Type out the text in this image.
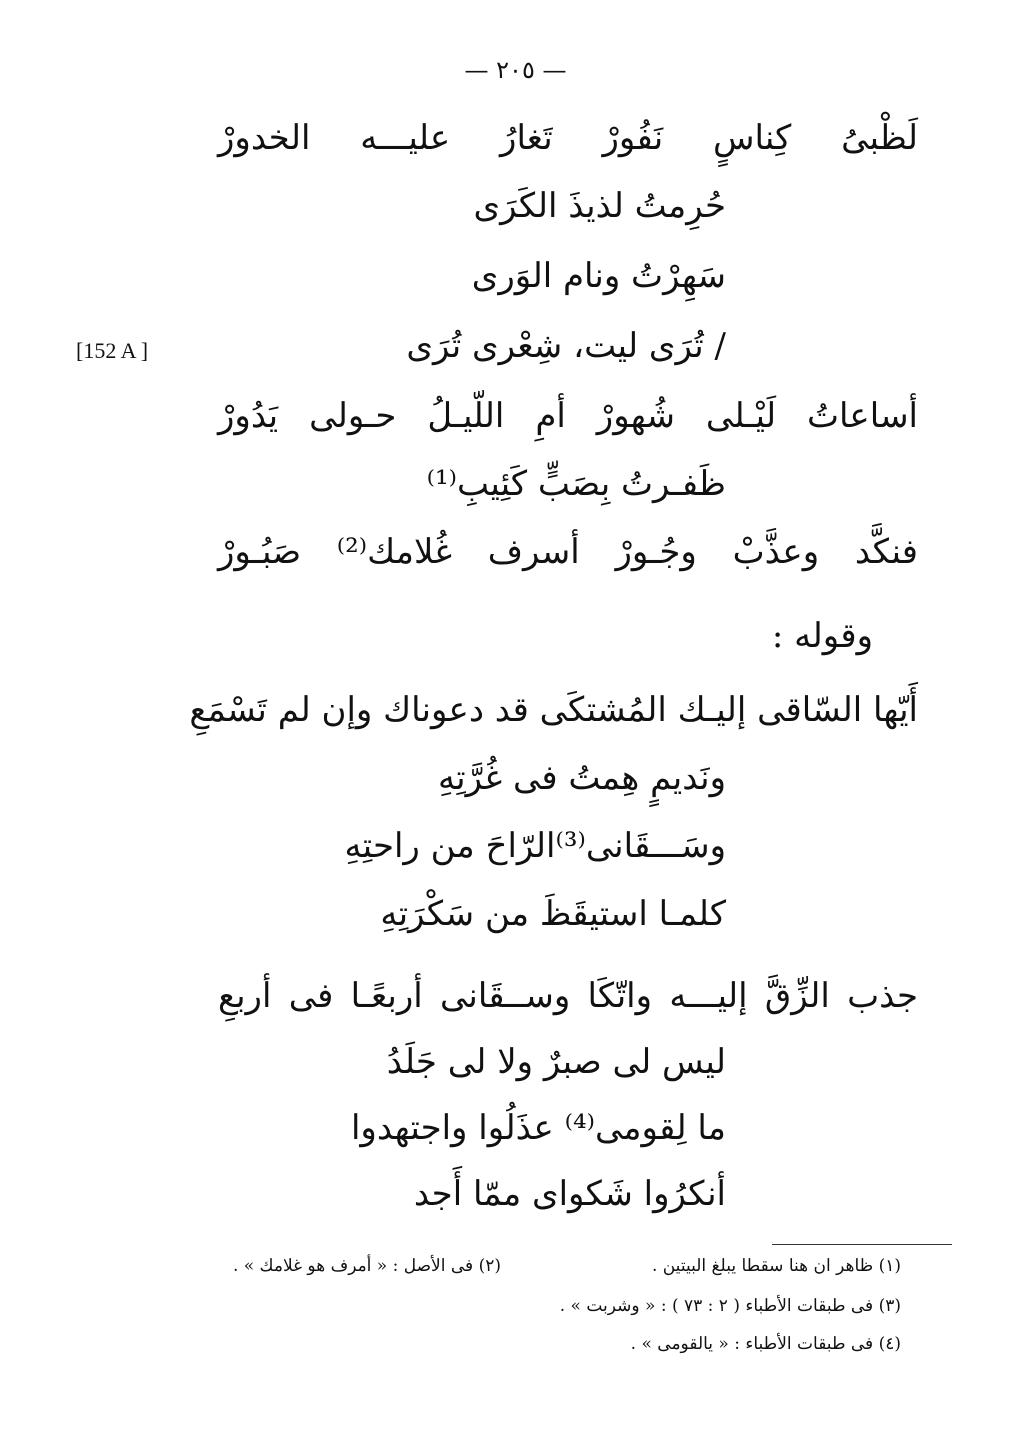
— ٢٠٥ —
[152 A ]
لَظْبىُ كِناسٍ نَفُورْ تَغارُ عليـــه الخدورْ
حُرِمتُ لذيذَ الكَرَى
سَهِرْتُ ونام الوَرى
/ تُرَى ليت، شِعْرى تُرَى
أساعاتُ لَيْـلى شُهورْ أمِ اللّيـلُ حـولى يَدُورْ
ظَفـرتُ بِصَبٍّ كَئِيبِ⁽¹⁾
فنكَّد وعذَّبْ وجُـورْ أسرف غُلامك⁽²⁾ صَبُـورْ
وقوله :
أَيّها السّاقى إليـك المُشتكَى قد دعوناك وإن لم تَسْمَعِ
ونَديمٍ هِمتُ فى غُرَّتِهِ
وسَـــقَانى⁽³⁾الرّاحَ من راحتِهِ
كلمـا استيقَظَ من سَكْرَتِهِ
جذب الزِّقَّ إليـــه واتّكَا وســقَانى أربعًـا فى أربعِ
ليس لى صبرٌ ولا لى جَلَدُ
ما لِقومى⁽⁴⁾ عذَلُوا واجتهدوا
أنكرُوا شَكواى ممّا أَجد
(١) ظاهر ان هنا سقطا يبلغ البيتين .
(٢) فى الأصل : « أمرف هو غلامك » .
(٣) فى طبقات الأطباء ( ٢ : ٧٣ ) : « وشربت » .
(٤) فى طبقات الأطباء : « يالقومى » .
